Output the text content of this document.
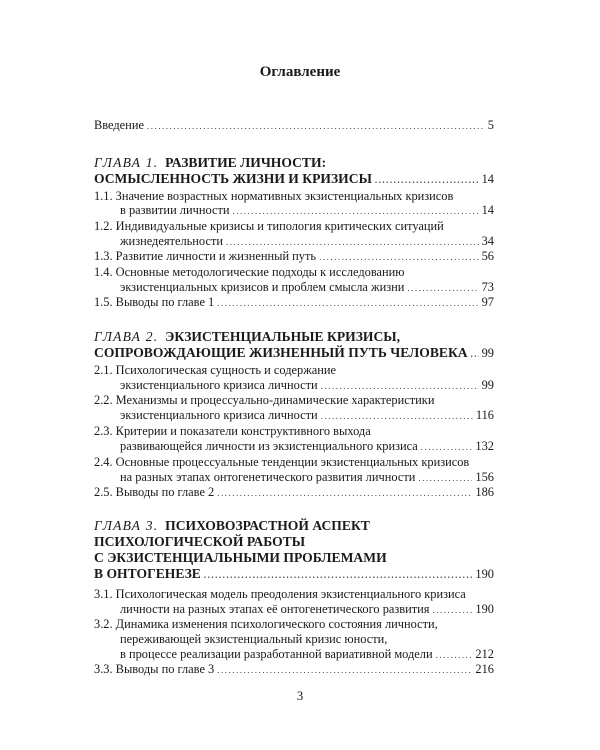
Оглавление
Введение .....	5
ГЛАВА 1. РАЗВИТИЕ ЛИЧНОСТИ:
ОСМЫСЛЕННОСТЬ ЖИЗНИ И КРИЗИСЫ .....	14
1.1. Значение возрастных нормативных экзистенциальных кризисов
в развитии личности .....	14
1.2. Индивидуальные кризисы и типология критических ситуаций
жизнедеятельности .....	34
1.3. Развитие личности и жизненный путь .....	56
1.4. Основные методологические подходы к исследованию
экзистенциальных кризисов и проблем смысла жизни .....	73
1.5. Выводы по главе 1 .....	97
ГЛАВА 2. ЭКЗИСТЕНЦИАЛЬНЫЕ КРИЗИСЫ,
СОПРОВОЖДАЮЩИЕ ЖИЗНЕННЫЙ ПУТЬ ЧЕЛОВЕКА ..... 99
2.1. Психологическая сущность и содержание
экзистенциального кризиса личности .....	99
2.2. Механизмы и процессуально-динамические характеристики
экзистенциального кризиса личности .....	116
2.3. Критерии и показатели конструктивного выхода
развивающейся личности из экзистенциального кризиса .....	132
2.4. Основные процессуальные тенденции экзистенциальных кризисов
на разных этапах онтогенетического развития личности .....	156
2.5. Выводы по главе 2 .....	186
ГЛАВА 3. ПСИХОВОЗРАСТНОЙ АСПЕКТ
ПСИХОЛОГИЧЕСКОЙ РАБОТЫ
С ЭКЗИСТЕНЦИАЛЬНЫМИ ПРОБЛЕМАМИ
В ОНТОГЕНЕЗЕ .....	190
3.1. Психологическая модель преодоления экзистенциального кризиса
личности на разных этапах её онтогенетического развития .....	190
3.2. Динамика изменения психологического состояния личности,
переживающей экзистенциальный кризис юности,
в процессе реализации разработанной вариативной модели .....	212
3.3. Выводы по главе 3 .....	216
3
